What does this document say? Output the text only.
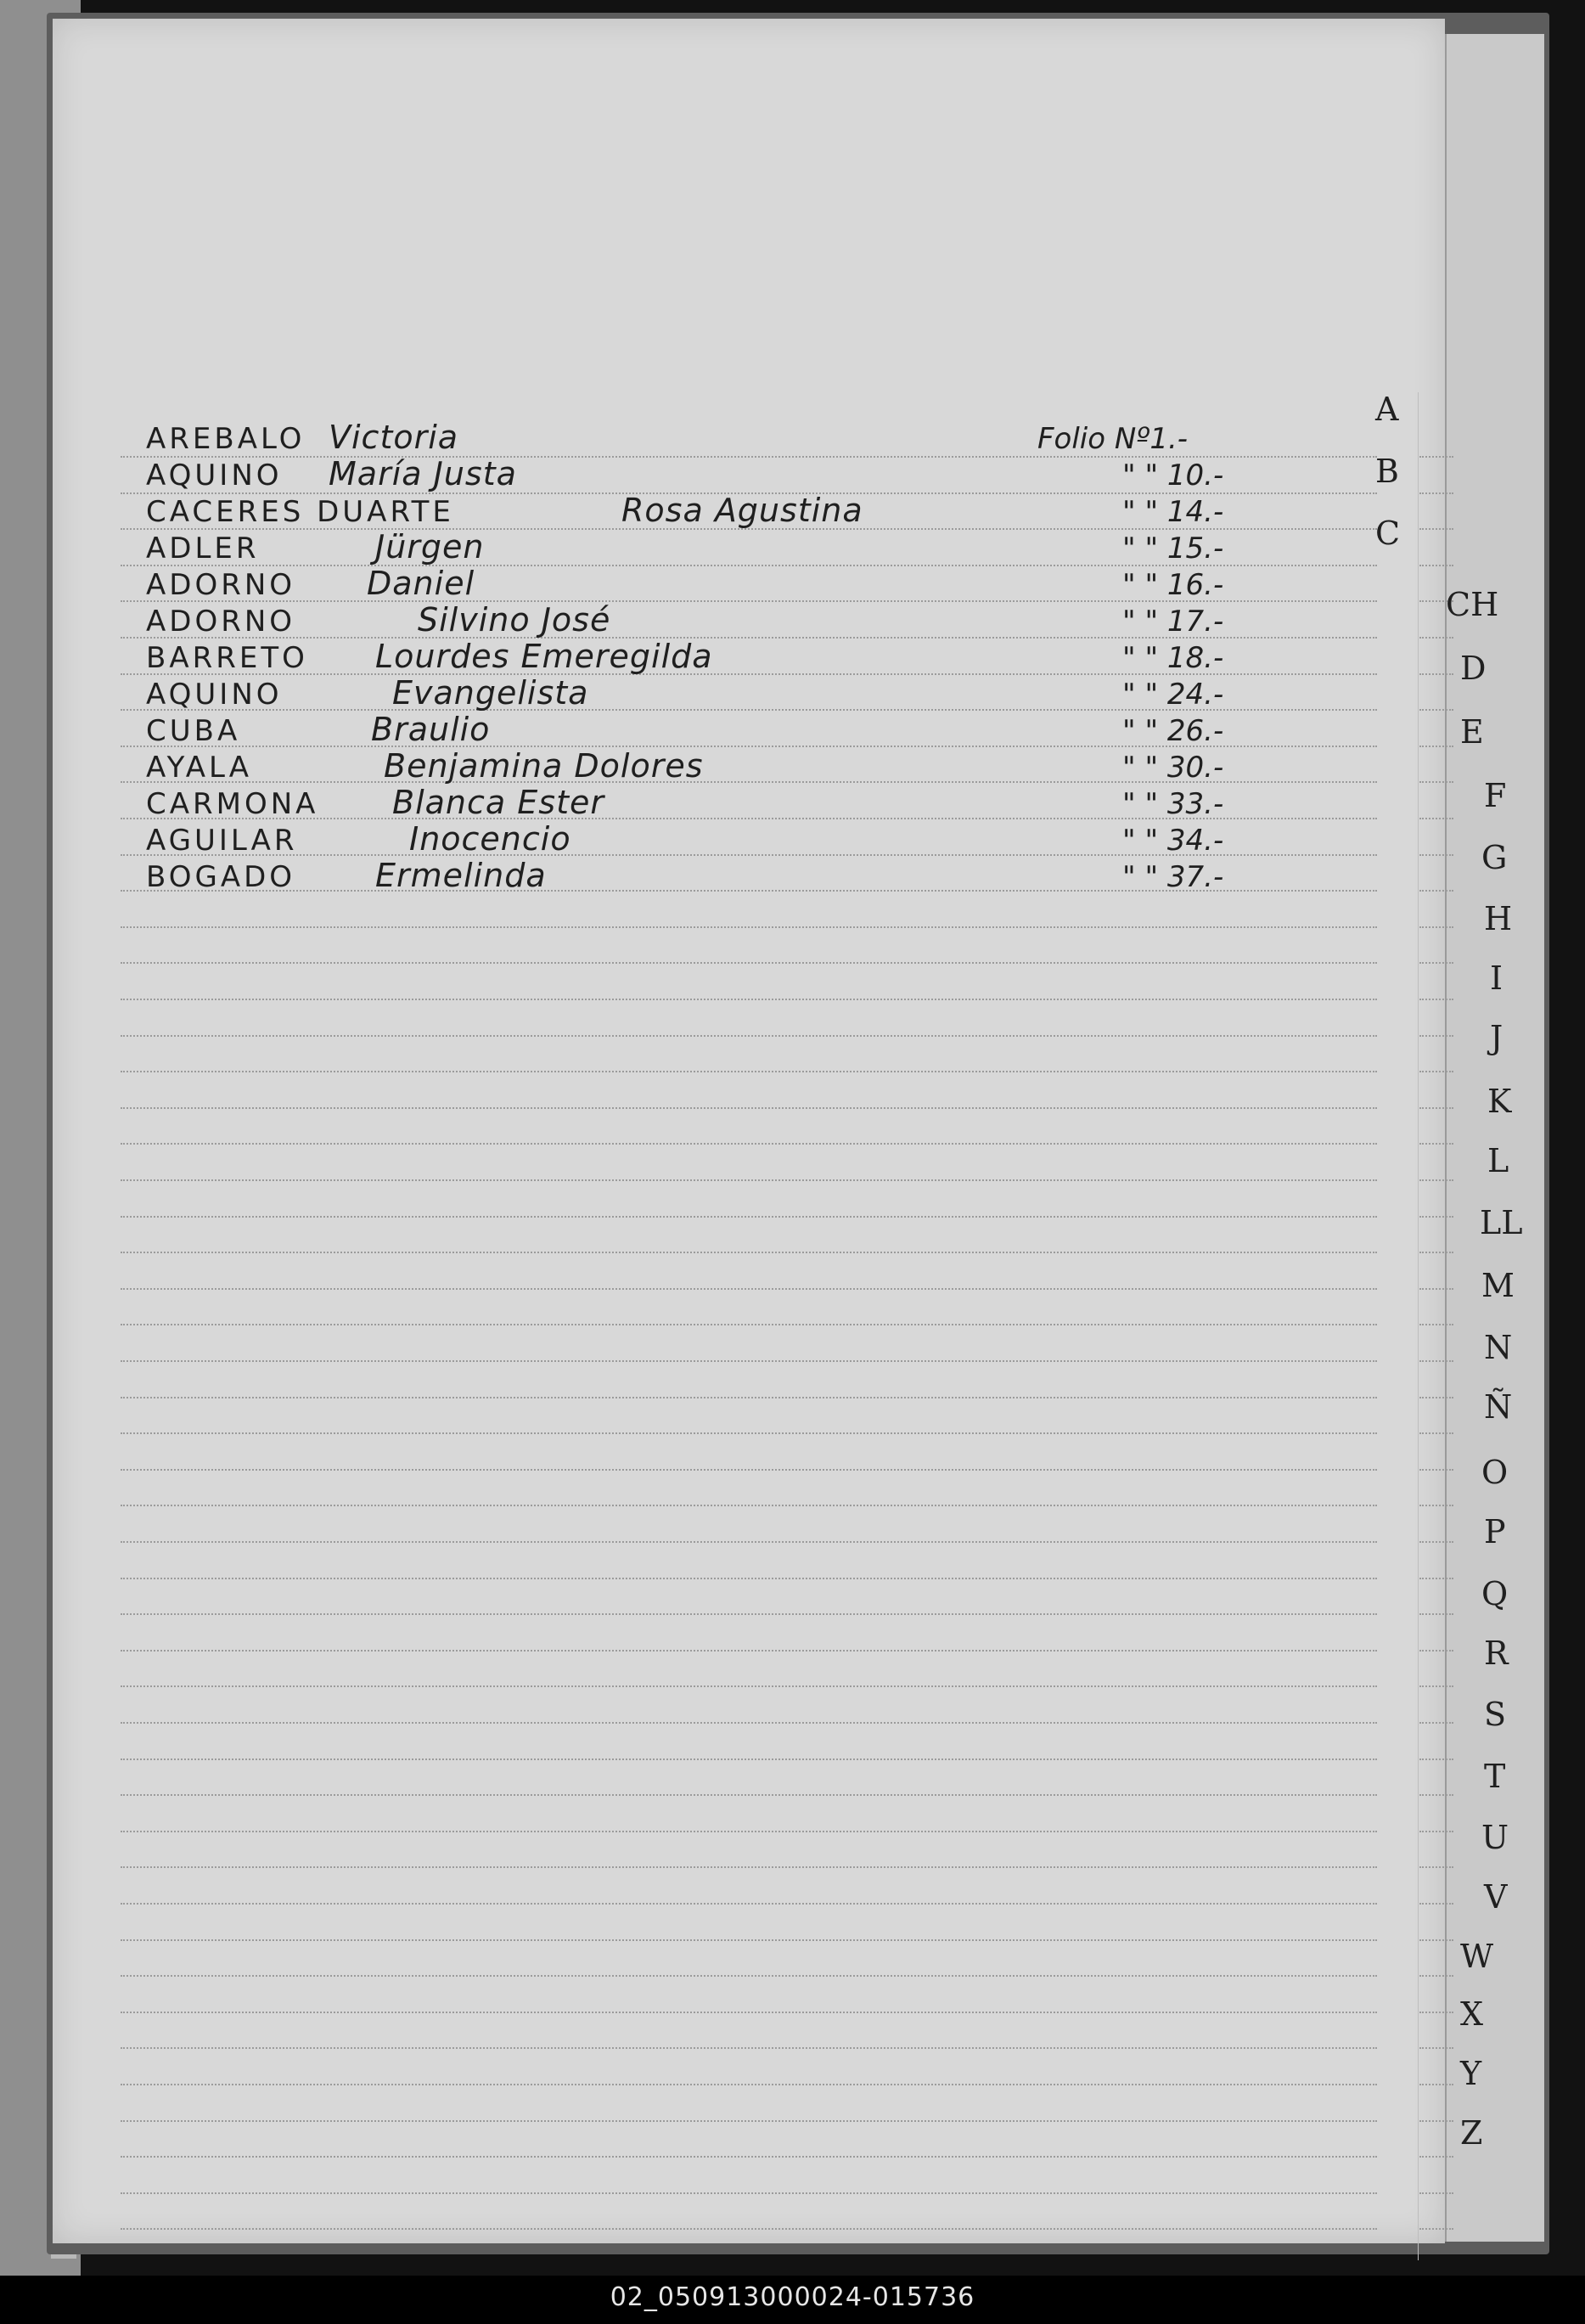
AREBALO Victoria	Folio Nº1.-
AQUINO María Justa	" " 10.-
CACERES DUARTE	Rosa Agustina	" " 14.-
ADLER	Jürgen	" " 15.-
ADORNO Daniel	" " 16.-
ADORNO	Silvino José	" " 17.-
BARRETO Lourdes Emeregilda	" " 18.-
AQUINO	Evangelista	" " 24.-
CUBA	Braulio	" " 26.-
AYALA	Benjamina Dolores	" " 30.-
CARMONA Blanca Ester	" " 33.-
AGUILAR	Inocencio	" " 34.-
BOGADO Ermelinda	" " 37.-
A
B
C
CH
D
E
F
G
H
I
J
K
L
LL
M
N
Ñ
O
P
Q
R
S
T
U
V
W
X
Y
Z
02_050913000024-015736
